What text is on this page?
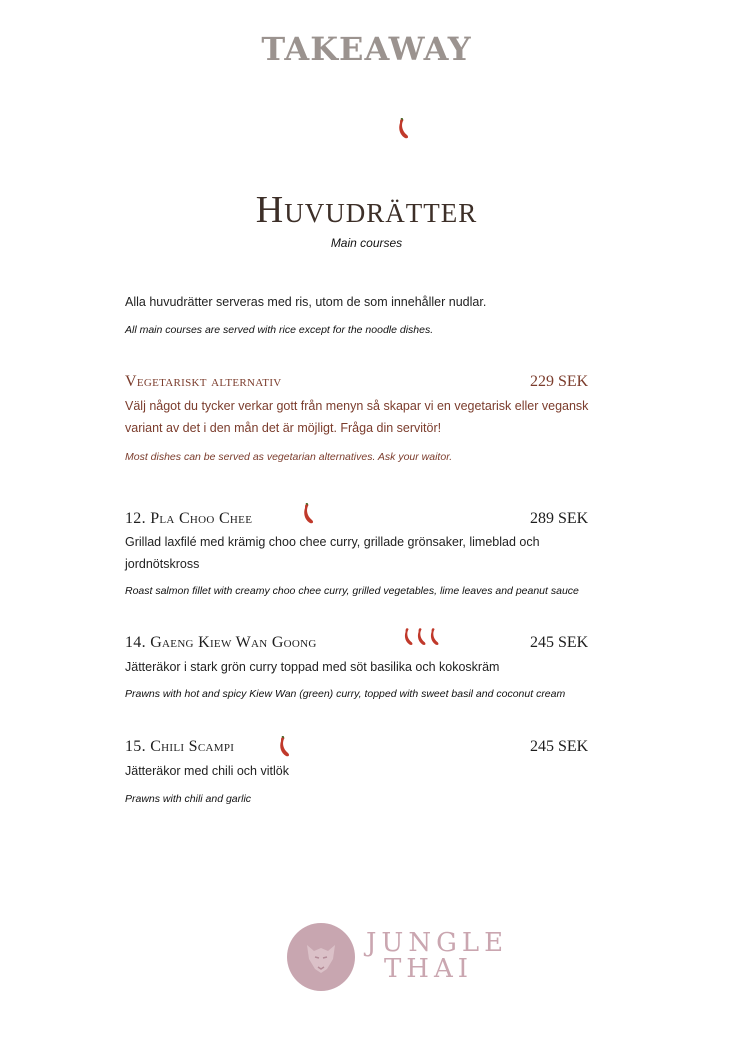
TAKEAWAY
Huvudrätter
Main courses
Alla huvudrätter serveras med ris, utom de som innehåller nudlar.
All main courses are served with rice except for the noodle dishes.
Vegetariskt alternativ	229 SEK
Välj något du tycker verkar gott från menyn så skapar vi en vegetarisk eller vegansk
variant av det i den mån det är möjligt. Fråga din servitör!
Most dishes can be served as vegetarian alternatives. Ask your waitor.
12. Pla Choo Chee	289 SEK
Grillad laxfilé med krämig choo chee curry, grillade grönsaker, limeblad och
jordnötskross
Roast salmon fillet with creamy choo chee curry, grilled vegetables, lime leaves and peanut sauce
14. Gaeng Kiew Wan Goong	245 SEK
Jätteräkor i stark grön curry toppad med söt basilika och kokoskräm
Prawns with hot and spicy Kiew Wan (green) curry, topped with sweet basil and coconut cream
15. Chili Scampi	245 SEK
Jätteräkor med chili och vitlök
Prawns with chili and garlic
JUNGLE
THAI
